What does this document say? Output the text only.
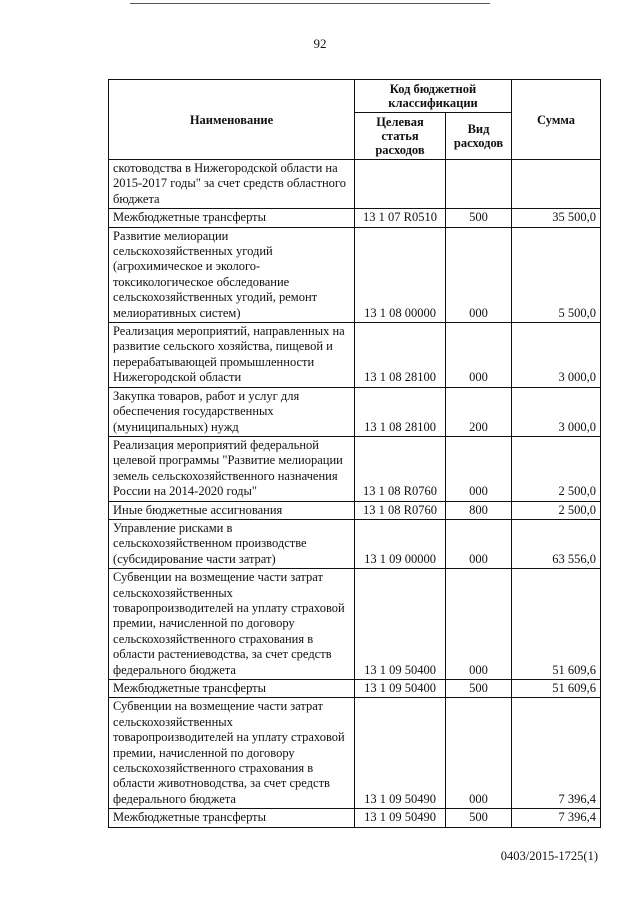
92
Наименование	Код бюджетной классификации		Сумма
	Целевая статья расходов	Вид расходов	
скотоводства в Нижегородской области на 2015-2017 годы" за счет средств областного бюджета			
Межбюджетные трансферты	13 1 07 R0510	500	35 500,0
Развитие мелиорации сельскохозяйственных угодий (агрохимическое и эколого-токсикологическое обследование сельскохозяйственных угодий, ремонт мелиоративных систем)	13 1 08 00000	000	5 500,0
Реализация мероприятий, направленных на развитие сельского хозяйства, пищевой и перерабатывающей промышленности Нижегородской области	13 1 08 28100	000	3 000,0
Закупка товаров, работ и услуг для обеспечения государственных (муниципальных) нужд	13 1 08 28100	200	3 000,0
Реализация мероприятий федеральной целевой программы "Развитие мелиорации земель сельскохозяйственного назначения России на 2014-2020 годы"	13 1 08 R0760	000	2 500,0
Иные бюджетные ассигнования	13 1 08 R0760	800	2 500,0
Управление рисками в сельскохозяйственном производстве (субсидирование части затрат)	13 1 09 00000	000	63 556,0
Субвенции на возмещение части затрат сельскохозяйственных товаропроизводителей на уплату страховой премии, начисленной по договору сельскохозяйственного страхования в области растениеводства, за счет средств федерального бюджета	13 1 09 50400	000	51 609,6
Межбюджетные трансферты	13 1 09 50400	500	51 609,6
Субвенции на возмещение части затрат сельскохозяйственных товаропроизводителей на уплату страховой премии, начисленной по договору сельскохозяйственного страхования в области животноводства, за счет средств федерального бюджета	13 1 09 50490	000	7 396,4
Межбюджетные трансферты	13 1 09 50490	500	7 396,4
0403/2015-1725(1)
